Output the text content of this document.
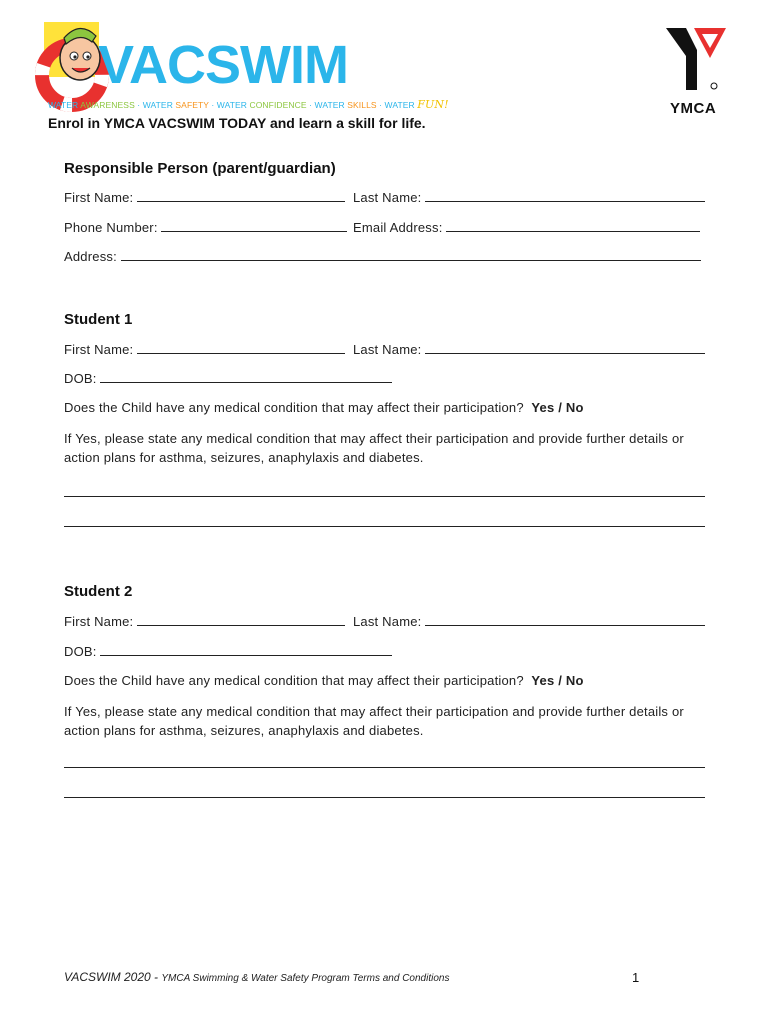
VACSWIM
WATER AWARENESS · WATER SAFETY · WATER CONFIDENCE · WATER SKILLS · WATER FUN!
Enrol in YMCA VACSWIM TODAY and learn a skill for life.
YMCA
Responsible Person (parent/guardian)
First Name:	Last Name:
Phone Number:	Email Address:
Address:
Student 1
First Name:	Last Name:
DOB:
Does the Child have any medical condition that may affect their participation? Yes / No
If Yes, please state any medical condition that may affect their participation and provide further details or action plans for asthma, seizures, anaphylaxis and diabetes.
Student 2
First Name:	Last Name:
DOB:
Does the Child have any medical condition that may affect their participation? Yes / No
If Yes, please state any medical condition that may affect their participation and provide further details or action plans for asthma, seizures, anaphylaxis and diabetes.
VACSWIM 2020 - YMCA Swimming & Water Safety Program Terms and Conditions	1
